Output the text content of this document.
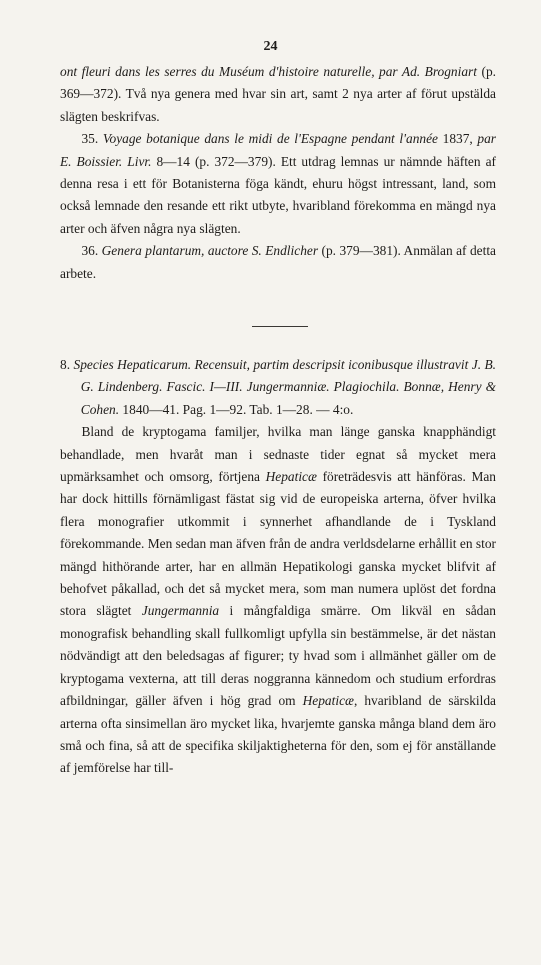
24

ont fleuri dans les serres du Muséum d'histoire naturelle, par Ad. Brogniart (p. 369—372). Två nya genera med hvar sin art, samt 2 nya arter af förut upstälda slägten beskrifvas.

35. Voyage botanique dans le midi de l'Espagne pendant l'année 1837, par E. Boissier. Livr. 8—14 (p. 372—379). Ett utdrag lemnas ur nämnde häften af denna resa i ett för Botanisterna föga kändt, ehuru högst intressant, land, som också lemnade den resande ett rikt utbyte, hvaribland förekomma en mängd nya arter och äfven några nya slägten.

36. Genera plantarum, auctore S. Endlicher (p. 379—381). Anmälan af detta arbete.

8. Species Hepaticarum. Recensuit, partim descripsit iconibusque illustravit J. B. G. Lindenberg. Fascic. I—III. Jungermanniæ. Plagiochila. Bonnæ, Henry & Cohen. 1840—41. Pag. 1—92. Tab. 1—28. — 4:o.

Bland de kryptogama familjer, hvilka man länge ganska knapphändigt behandlade, men hvaråt man i sednaste tider egnat så mycket mera upmärksamhet och omsorg, förtjena Hepaticæ företrädesvis att hänföras. Man har dock hittills förnämligast fästat sig vid de europeiska arterna, öfver hvilka flera monografier utkommit i synnerhet afhandlande de i Tyskland förekommande. Men sedan man äfven från de andra verldsdelarne erhållit en stor mängd hithörande arter, har en allmän Hepatikologi ganska mycket blifvit af behofvet påkallad, och det så mycket mera, som man numera uplöst det fordna stora slägtet Jungermannia i mångfaldiga smärre. Om likväl en sådan monografisk behandling skall fullkomligt upfylla sin bestämmelse, är det nästan nödvändigt att den beledsagas af figurer; ty hvad som i allmänhet gäller om de kryptogama vexterna, att till deras noggranna kännedom och studium erfordras afbildningar, gäller äfven i hög grad om Hepaticæ, hvaribland de särskilda arterna ofta sinsimellan äro mycket lika, hvarjemte ganska många bland dem äro små och fina, så att de specifika skiljaktigheterna för den, som ej för anställande af jemförelse har till-
